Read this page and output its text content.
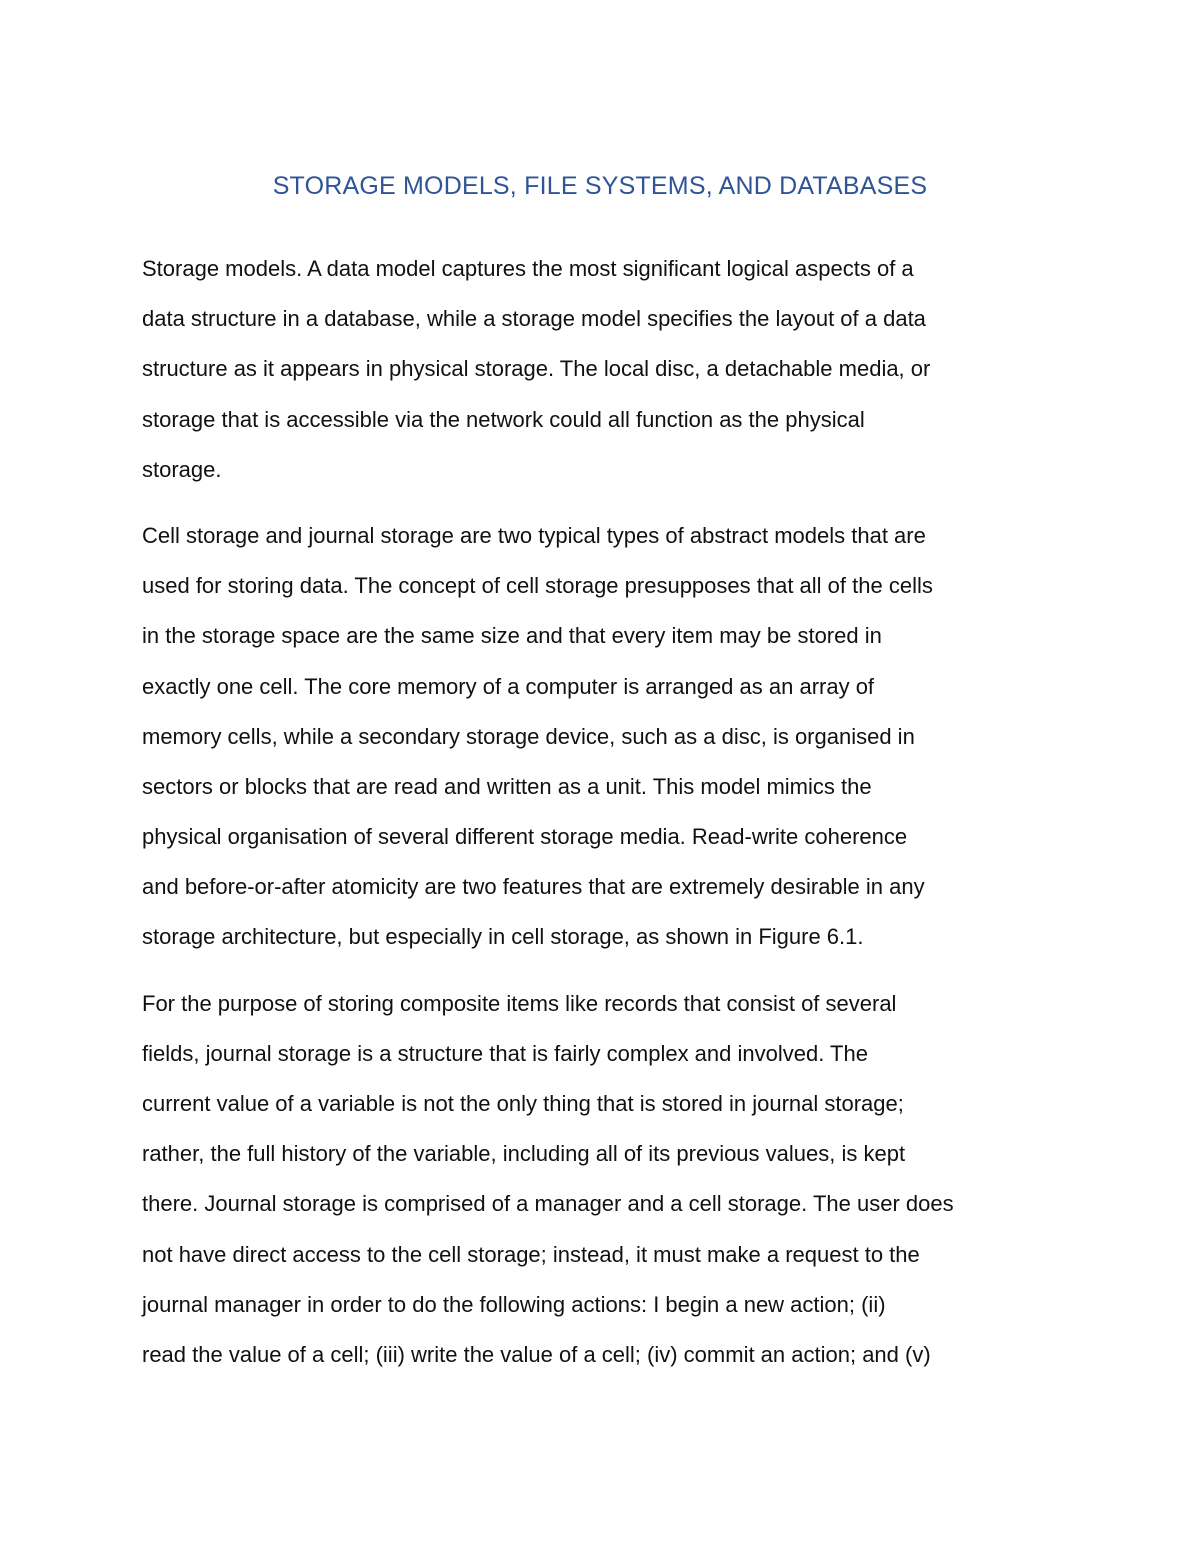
STORAGE MODELS, FILE SYSTEMS, AND DATABASES
Storage models. A data model captures the most significant logical aspects of a
data structure in a database, while a storage model specifies the layout of a data
structure as it appears in physical storage. The local disc, a detachable media, or
storage that is accessible via the network could all function as the physical
storage.
Cell storage and journal storage are two typical types of abstract models that are
used for storing data. The concept of cell storage presupposes that all of the cells
in the storage space are the same size and that every item may be stored in
exactly one cell. The core memory of a computer is arranged as an array of
memory cells, while a secondary storage device, such as a disc, is organised in
sectors or blocks that are read and written as a unit. This model mimics the
physical organisation of several different storage media. Read-write coherence
and before-or-after atomicity are two features that are extremely desirable in any
storage architecture, but especially in cell storage, as shown in Figure 6.1.
For the purpose of storing composite items like records that consist of several
fields, journal storage is a structure that is fairly complex and involved. The
current value of a variable is not the only thing that is stored in journal storage;
rather, the full history of the variable, including all of its previous values, is kept
there. Journal storage is comprised of a manager and a cell storage. The user does
not have direct access to the cell storage; instead, it must make a request to the
journal manager in order to do the following actions: I begin a new action; (ii)
read the value of a cell; (iii) write the value of a cell; (iv) commit an action; and (v)
